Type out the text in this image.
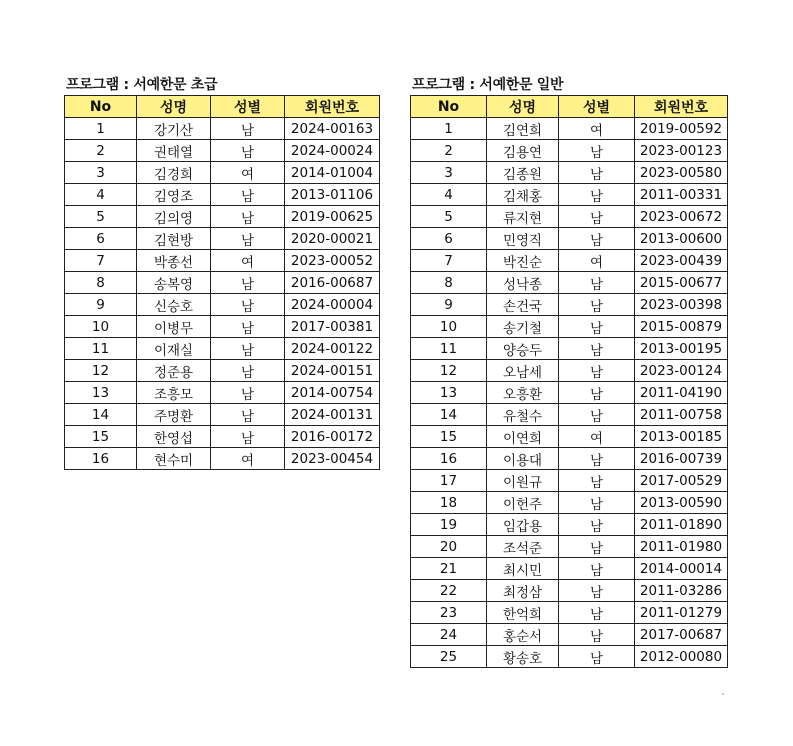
프로그램 : 서예한문 초급
No	성명	성별	회원번호
1	강기산	남	2024-00163
2	권태열	남	2024-00024
3	김경희	여	2014-01004
4	김영조	남	2013-01106
5	김의영	남	2019-00625
6	김현방	남	2020-00021
7	박종선	여	2023-00052
8	송복영	남	2016-00687
9	신승호	남	2024-00004
10	이병무	남	2017-00381
11	이재실	남	2024-00122
12	정준용	남	2024-00151
13	조흥모	남	2014-00754
14	주명환	남	2024-00131
15	한영섭	남	2016-00172
16	현수미	여	2023-00454
프로그램 : 서예한문 일반
No	성명	성별	회원번호
1	김연희	여	2019-00592
2	김용연	남	2023-00123
3	김종원	남	2023-00580
4	김채홍	남	2011-00331
5	류지현	남	2023-00672
6	민영직	남	2013-00600
7	박진순	여	2023-00439
8	성낙종	남	2015-00677
9	손건국	남	2023-00398
10	송기철	남	2015-00879
11	양승두	남	2013-00195
12	오남세	남	2023-00124
13	오흥환	남	2011-04190
14	유철수	남	2011-00758
15	이연희	여	2013-00185
16	이용대	남	2016-00739
17	이원규	남	2017-00529
18	이헌주	남	2013-00590
19	임갑용	남	2011-01890
20	조석준	남	2011-01980
21	최시민	남	2014-00014
22	최정삼	남	2011-03286
23	한억희	남	2011-01279
24	홍순서	남	2017-00687
25	황송호	남	2012-00080
